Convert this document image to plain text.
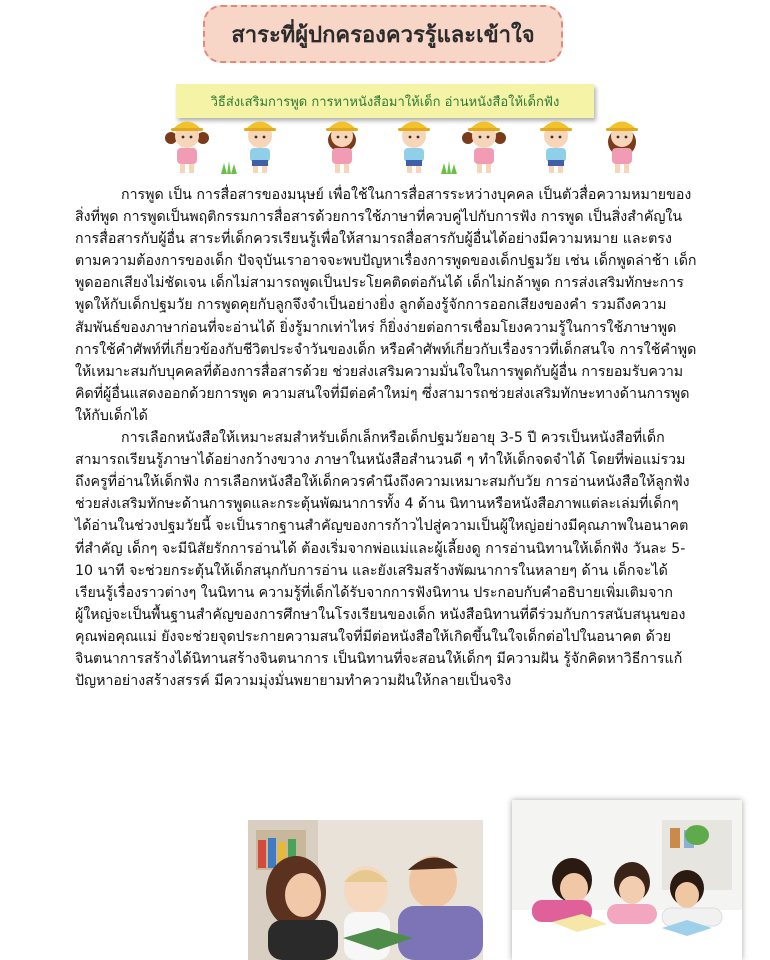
สาระที่ผู้ปกครองควรรู้และเข้าใจ
วิธีส่งเสริมการพูด การหาหนังสือมาให้เด็ก อ่านหนังสือให้เด็กฟัง

การพูด เป็น การสื่อสารของมนุษย์ เพื่อใช้ในการสื่อสารระหว่างบุคคล เป็นตัวสื่อความหมายของสิ่งที่พูด การพูดเป็นพฤติกรรมการสื่อสารด้วยการใช้ภาษาที่ควบคู่ไปกับการฟัง การพูด เป็นสิ่งสำคัญในการสื่อสารกับผู้อื่น สาระที่เด็กควรเรียนรู้เพื่อให้สามารถสื่อสารกับผู้อื่นได้อย่างมีความหมาย และตรงตามความต้องการของเด็ก ปัจจุบันเราอาจจะพบปัญหาเรื่องการพูดของเด็กปฐมวัย เช่น เด็กพูดล่าช้า เด็กพูดออกเสียงไม่ชัดเจน เด็กไม่สามารถพูดเป็นประโยคติดต่อกันได้ เด็กไม่กล้าพูด การส่งเสริมทักษะการพูดให้กับเด็กปฐมวัย การพูดคุยกับลูกจึงจำเป็นอย่างยิ่ง ลูกต้องรู้จักการออกเสียงของคำ รวมถึงความสัมพันธ์ของภาษาก่อนที่จะอ่านได้ ยิ่งรู้มากเท่าไหร่ ก็ยิ่งง่ายต่อการเชื่อมโยงความรู้ในการใช้ภาษาพูด การใช้คำศัพท์ที่เกี่ยวข้องกับชีวิตประจำวันของเด็ก หรือคำศัพท์เกี่ยวกับเรื่องราวที่เด็กสนใจ การใช้คำพูดให้เหมาะสมกับบุคคลที่ต้องการสื่อสารด้วย ช่วยส่งเสริมความมั่นใจในการพูดกับผู้อื่น การยอมรับความคิดที่ผู้อื่นแสดงออกด้วยการพูด ความสนใจที่มีต่อคำใหม่ๆ ซึ่งสามารถช่วยส่งเสริมทักษะทางด้านการพูดให้กับเด็กได้

การเลือกหนังสือให้เหมาะสมสำหรับเด็กเล็กหรือเด็กปฐมวัยอายุ 3-5 ปี ควรเป็นหนังสือที่เด็กสามารถเรียนรู้ภาษาได้อย่างกว้างขวาง ภาษาในหนังสือสำนวนดี ๆ ทำให้เด็กจดจำได้ โดยที่พ่อแม่รวมถึงครูที่อ่านให้เด็กฟัง การเลือกหนังสือให้เด็กควรคำนึงถึงความเหมาะสมกับวัย การอ่านหนังสือให้ลูกฟังช่วยส่งเสริมทักษะด้านการพูดและกระตุ้นพัฒนาการทั้ง 4 ด้าน นิทานหรือหนังสือภาพแต่ละเล่มที่เด็กๆ ได้อ่านในช่วงปฐมวัยนี้ จะเป็นรากฐานสำคัญของการก้าวไปสู่ความเป็นผู้ใหญ่อย่างมีคุณภาพในอนาคตที่สำคัญ เด็กๆ จะมีนิสัยรักการอ่านได้ ต้องเริ่มจากพ่อแม่และผู้เลี้ยงดู การอ่านนิทานให้เด็กฟัง วันละ 5-10 นาที จะช่วยกระตุ้นให้เด็กสนุกกับการอ่าน และยังเสริมสร้างพัฒนาการในหลายๆ ด้าน เด็กจะได้เรียนรู้เรื่องราวต่างๆ ในนิทาน ความรู้ที่เด็กได้รับจากการฟังนิทาน ประกอบกับคำอธิบายเพิ่มเติมจากผู้ใหญ่จะเป็นพื้นฐานสำคัญของการศึกษาในโรงเรียนของเด็ก หนังสือนิทานที่ดีร่วมกับการสนับสนุนของคุณพ่อคุณแม่ ยังจะช่วยจุดประกายความสนใจที่มีต่อหนังสือให้เกิดขึ้นในใจเด็กต่อไปในอนาคต ด้วยจินตนาการสร้างได้นิทานสร้างจินตนาการ เป็นนิทานที่จะสอนให้เด็กๆ มีความฝัน รู้จักคิดหาวิธีการแก้ปัญหาอย่างสร้างสรรค์ มีความมุ่งมั่นพยายามทำความฝันให้กลายเป็นจริง
